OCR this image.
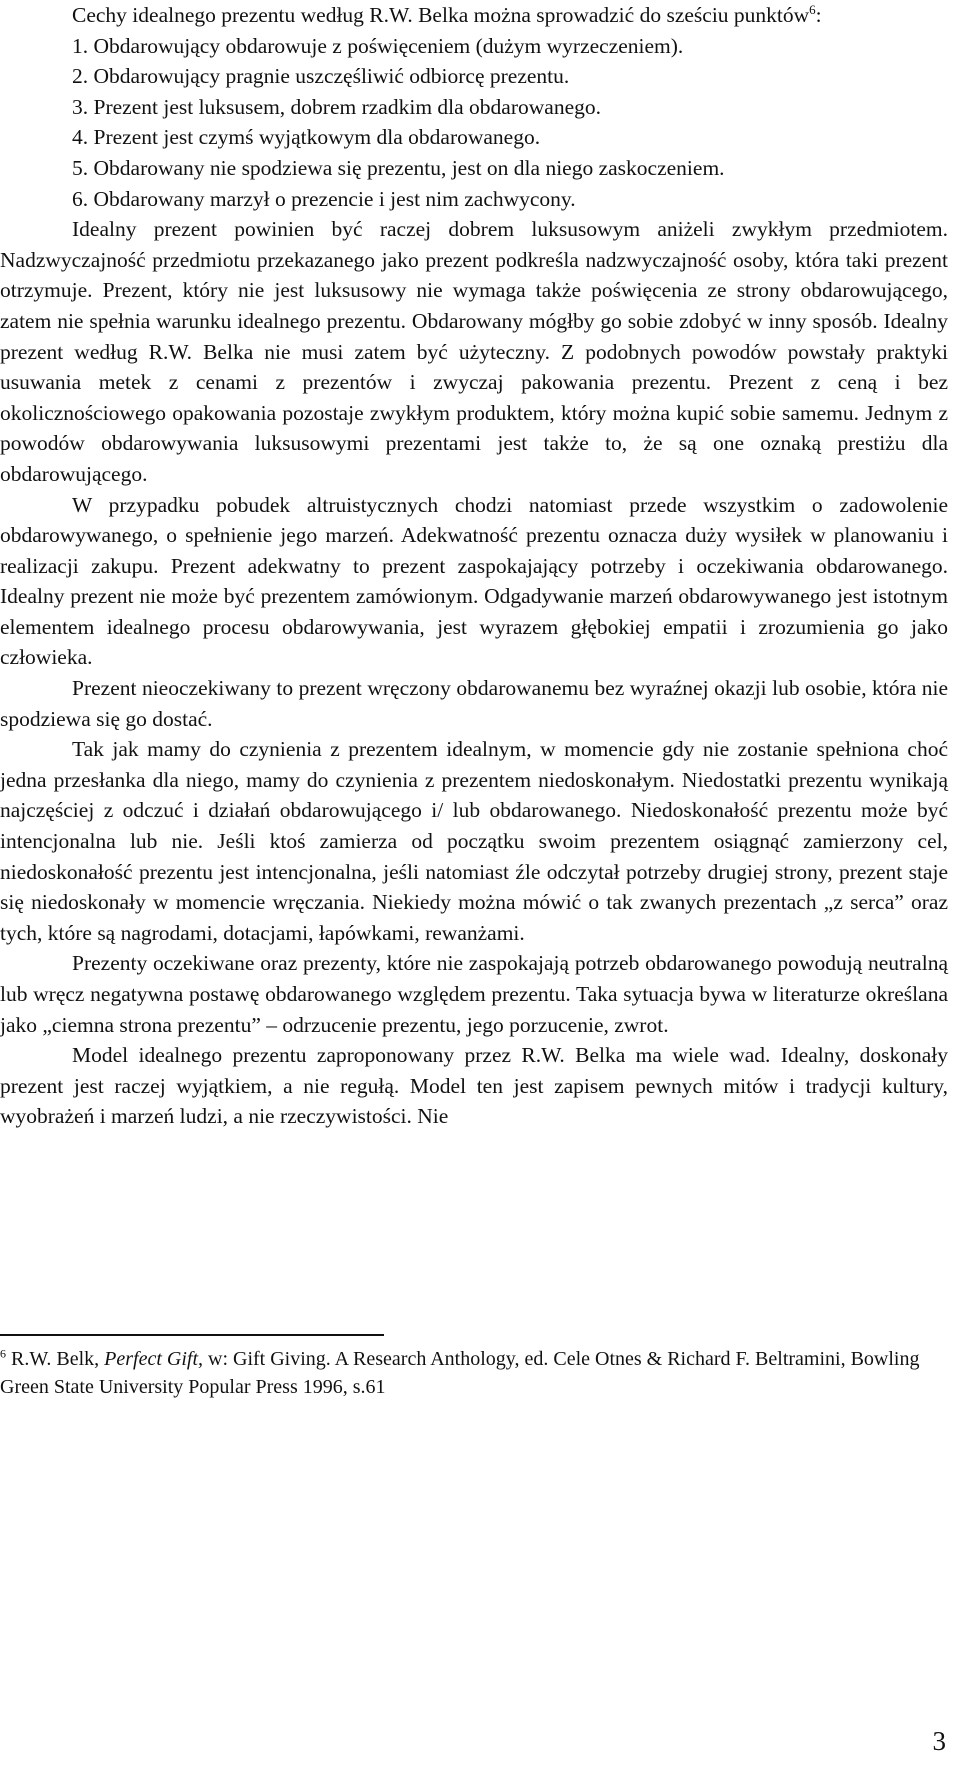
Cechy idealnego prezentu według R.W. Belka można sprowadzić do sześciu punktów$^6$:

1. Obdarowujący obdarowuje z poświęceniem (dużym wyrzeczeniem).
2. Obdarowujący pragnie uszczęśliwić odbiorcę prezentu.
3. Prezent jest luksusem, dobrem rzadkim dla obdarowanego.
4. Prezent jest czymś wyjątkowym dla obdarowanego.
5. Obdarowany nie spodziewa się prezentu, jest on dla niego zaskoczeniem.
6. Obdarowany marzył o prezencie i jest nim zachwycony.

Idealny prezent powinien być raczej dobrem luksusowym aniżeli zwykłym przedmiotem. Nadzwyczajność przedmiotu przekazanego jako prezent podkreśla nadzwyczajność osoby, która taki prezent otrzymuje. Prezent, który nie jest luksusowy nie wymaga także poświęcenia ze strony obdarowującego, zatem nie spełnia warunku idealnego prezentu. Obdarowany mógłby go sobie zdobyć w inny sposób. Idealny prezent według R.W. Belka nie musi zatem być użyteczny. Z podobnych powodów powstały praktyki usuwania metek z cenami z prezentów i zwyczaj pakowania prezentu. Prezent z ceną i bez okolicznościowego opakowania pozostaje zwykłym produktem, który można kupić sobie samemu. Jednym z powodów obdarowywania luksusowymi prezentami jest także to, że są one oznaką prestiżu dla obdarowującego.

W przypadku pobudek altruistycznych chodzi natomiast przede wszystkim o zadowolenie obdarowywanego, o spełnienie jego marzeń. Adekwatność prezentu oznacza duży wysiłek w planowaniu i realizacji zakupu. Prezent adekwatny to prezent zaspokajający potrzeby i oczekiwania obdarowanego. Idealny prezent nie może być prezentem zamówionym. Odgadywanie marzeń obdarowywanego jest istotnym elementem idealnego procesu obdarowywania, jest wyrazem głębokiej empatii i zrozumienia go jako człowieka.

Prezent nieoczekiwany to prezent wręczony obdarowanemu bez wyraźnej okazji lub osobie, która nie spodziewa się go dostać.

Tak jak mamy do czynienia z prezentem idealnym, w momencie gdy nie zostanie spełniona choć jedna przesłanka dla niego, mamy do czynienia z prezentem niedoskonałym. Niedostatki prezentu wynikają najczęściej z odczuć i działań obdarowującego i/ lub obdarowanego. Niedoskonałość prezentu może być intencjonalna lub nie. Jeśli ktoś zamierza od początku swoim prezentem osiągnąć zamierzony cel, niedoskonałość prezentu jest intencjonalna, jeśli natomiast źle odczytał potrzeby drugiej strony, prezent staje się niedoskonały w momencie wręczania. Niekiedy można mówić o tak zwanych prezentach „z serca” oraz tych, które są nagrodami, dotacjami, łapówkami, rewanżami.

Prezenty oczekiwane oraz prezenty, które nie zaspokajają potrzeb obdarowanego powodują neutralną lub wręcz negatywna postawę obdarowanego względem prezentu. Taka sytuacja bywa w literaturze określana jako „ciemna strona prezentu” – odrzucenie prezentu, jego porzucenie, zwrot.

Model idealnego prezentu zaproponowany przez R.W. Belka ma wiele wad. Idealny, doskonały prezent jest raczej wyjątkiem, a nie regułą. Model ten jest zapisem pewnych mitów i tradycji kultury, wyobrażeń i marzeń ludzi, a nie rzeczywistości. Nie

$^6$ R.W. Belk, Perfect Gift, w: Gift Giving. A Research Anthology, ed. Cele Otnes & Richard F. Beltramini, Bowling Green State University Popular Press 1996, s.61

3
